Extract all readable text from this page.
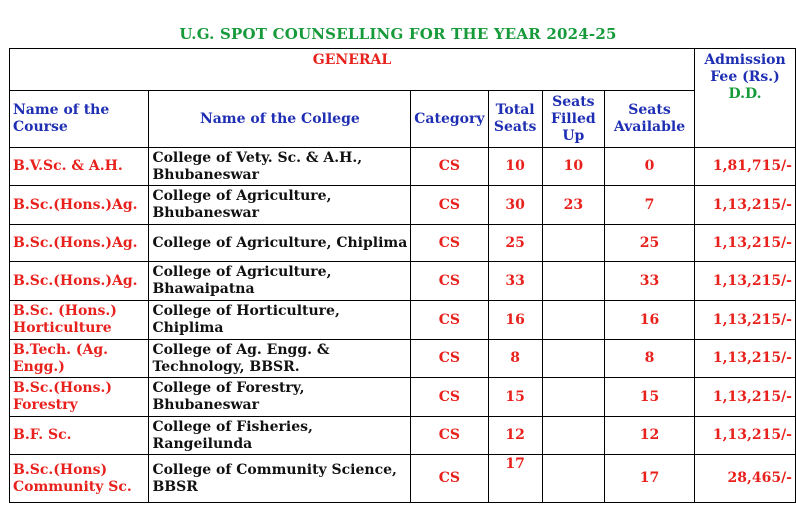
U.G. SPOT COUNSELLING FOR THE YEAR 2024-25
GENERAL						Admission
Fee (Rs.)
D.D.

Name of the Course	Name of the College	Category	Total Seats	Seats Filled Up	Seats Available	
B.V.Sc. & A.H.	College of Vety. Sc. & A.H., Bhubaneswar	CS	10	10	0	1,81,715/-
B.Sc.(Hons.)Ag.	College of Agriculture, Bhubaneswar	CS	30	23	7	1,13,215/-
B.Sc.(Hons.)Ag.	College of Agriculture, Chiplima	CS	25		25	1,13,215/-
B.Sc.(Hons.)Ag.	College of Agriculture, Bhawaipatna	CS	33		33	1,13,215/-
B.Sc. (Hons.) Horticulture	College of Horticulture, Chiplima	CS	16		16	1,13,215/-
B.Tech. (Ag. Engg.)	College of Ag. Engg. & Technology, BBSR.	CS	8		8	1,13,215/-
B.Sc.(Hons.) Forestry	College of Forestry, Bhubaneswar	CS	15		15	1,13,215/-
B.F. Sc.	College of Fisheries, Rangeilunda	CS	12		12	1,13,215/-
B.Sc.(Hons) Community Sc.	College of Community Science, BBSR	CS	17		17	28,465/-
